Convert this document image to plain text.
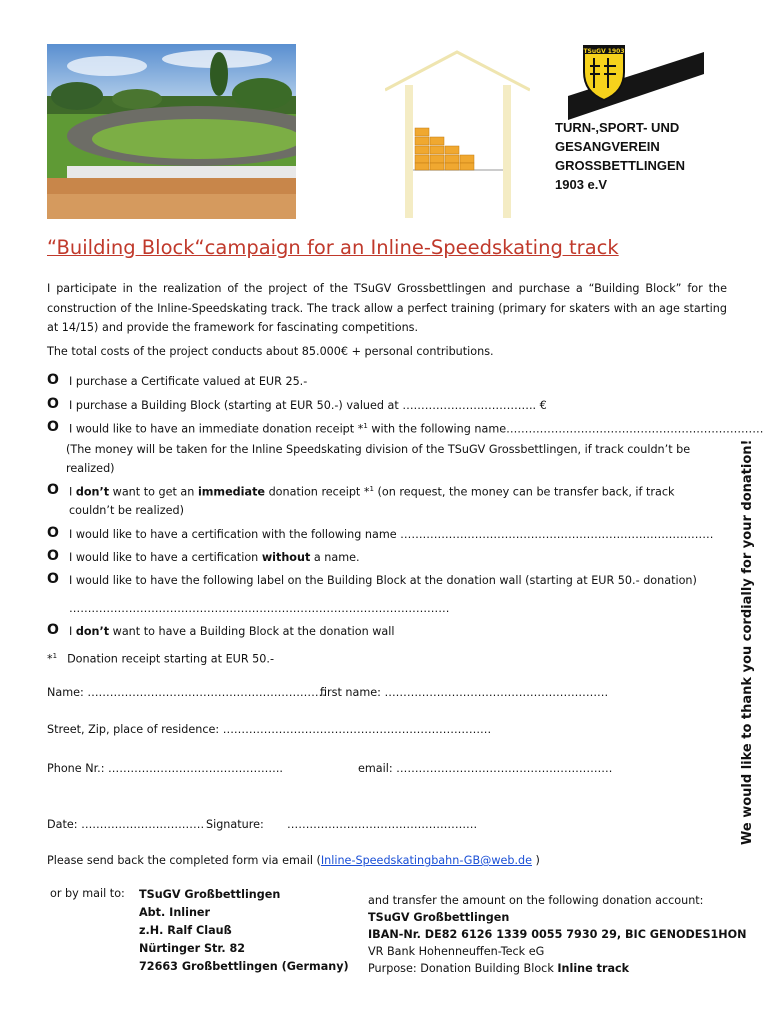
TSuGV 1903
TURN-,SPORT- UND
GESANGVEREIN
GROSSBETTLINGEN
1903 e.V
“Building Block“campaign for an Inline-Speedskating track
I participate in the realization of the project of the TSuGV Grossbettlingen and purchase a “Building Block” for the construction of the Inline-Speedskating track. The track allow a perfect training (primary for skaters with an age starting at 14/15) and provide the framework for fascinating competitions.
The total costs of the project conducts about 85.000€ + personal contributions.
O I purchase a Certificate valued at EUR 25.-
O I purchase a Building Block (starting at EUR 50.-) valued at ………………….………….. €
O I would like to have an immediate donation receipt *$^1$ with the following name……………………………………………………………
(The money will be taken for the Inline Speedskating division of the TSuGV Grossbettlingen, if track couldn’t be
realized)
O I don’t want to get an immediate donation receipt *$^1$ (on request, the money can be transfer back, if track
couldn’t be realized)
O I would like to have a certification with the following name …………………………………………………………………………
O I would like to have a certification without a name.
O I would like to have the following label on the Building Block at the donation wall (starting at EUR 50.- donation)
…………………………………………………………………………………………
O I don’t want to have a Building Block at the donation wall
*$^1$ Donation receipt starting at EUR 50.-
Name: ……………………………………………………….
first name: ……………………………………………………
Street, Zip, place of residence: ………………………………………………………………
Phone Nr.: ………………………………………..	email: ………………………………………………….
Date: …………………………… Signature: ……………………………………………
Please send back the completed form via email (Inline-Speedskatingbahn-GB@web.de )
or by mail to: TSuGV Großbettlingen
Abt. Inliner
z.H. Ralf Clauß
Nürtinger Str. 82
72663 Großbettlingen (Germany)
and transfer the amount on the following donation account:
TSuGV Großbettlingen
IBAN-Nr. DE82 6126 1339 0055 7930 29, BIC GENODES1HON
VR Bank Hohenneuffen-Teck eG
Purpose: Donation Building Block Inline track
We would like to thank you cordially for your donation!
